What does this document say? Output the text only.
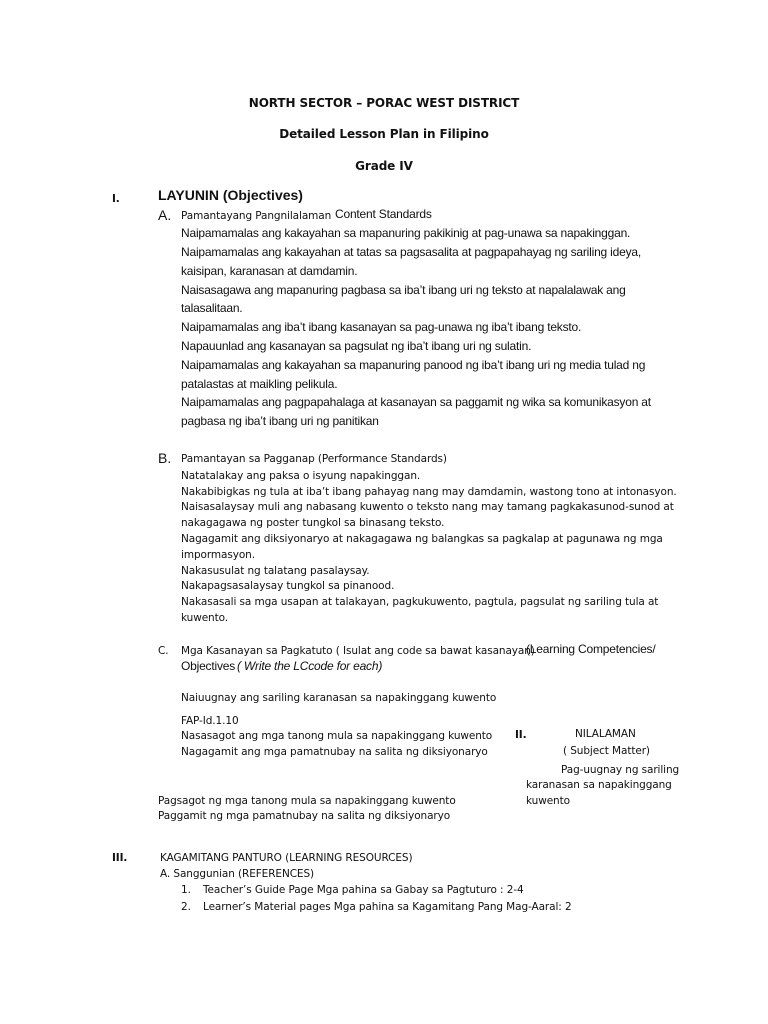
NORTH SECTOR – PORAC WEST DISTRICT
Detailed Lesson Plan in Filipino
Grade IV
I.	LAYUNIN (Objectives)
A. Pamantayang Pangnilalaman Content Standards
Naipamamalas ang kakayahan sa mapanuring pakikinig at pag-unawa sa napakinggan.
Naipamamalas ang kakayahan at tatas sa pagsasalita at pagpapahayag ng sariling ideya,
kaisipan, karanasan at damdamin.
Naisasagawa ang mapanuring pagbasa sa iba’t ibang uri ng teksto at napalalawak ang
talasalitaan.
Naipamamalas ang iba’t ibang kasanayan sa pag-unawa ng iba’t ibang teksto.
Napauunlad ang kasanayan sa pagsulat ng iba’t ibang uri ng sulatin.
Naipamamalas ang kakayahan sa mapanuring panood ng iba’t ibang uri ng media tulad ng
patalastas at maikling pelikula.
Naipamamalas ang pagpapahalaga at kasanayan sa paggamit ng wika sa komunikasyon at
pagbasa ng iba’t ibang uri ng panitikan
B. Pamantayan sa Pagganap (Performance Standards)
Natatalakay ang paksa o isyung napakinggan.
Nakabibigkas ng tula at iba’t ibang pahayag nang may damdamin, wastong tono at intonasyon.
Naisasalaysay muli ang nabasang kuwento o teksto nang may tamang pagkakasunod-sunod at
nakagagawa ng poster tungkol sa binasang teksto.
Nagagamit ang diksiyonaryo at nakagagawa ng balangkas sa pagkalap at pagunawa ng mga
impormasyon.
Nakasusulat ng talatang pasalaysay.
Nakapagsasalaysay tungkol sa pinanood.
Nakasasali sa mga usapan at talakayan, pagkukuwento, pagtula, pagsulat ng sariling tula at
kuwento.
C. Mga Kasanayan sa Pagkatuto ( Isulat ang code sa bawat kasanayan)
(Learning Competencies/
Objectives ( Write the LCcode for each)
Naiuugnay ang sariling karanasan sa napakinggang kuwento
FAP-Id.1.10
Nasasagot ang mga tanong mula sa napakinggang kuwento
Nagagamit ang mga pamatnubay na salita ng diksiyonaryo
Pagsagot ng mga tanong mula sa napakinggang kuwento
Paggamit ng mga pamatnubay na salita ng diksiyonaryo
II.	NILALAMAN
( Subject Matter)
Pag-uugnay ng sariling
karanasan sa napakinggang
kuwento
III.	KAGAMITANG PANTURO (LEARNING RESOURCES)
A. Sanggunian (REFERENCES)
1. Teacher’s Guide Page Mga pahina sa Gabay sa Pagtuturo : 2-4
2. Learner’s Material pages Mga pahina sa Kagamitang Pang Mag-Aaral: 2
